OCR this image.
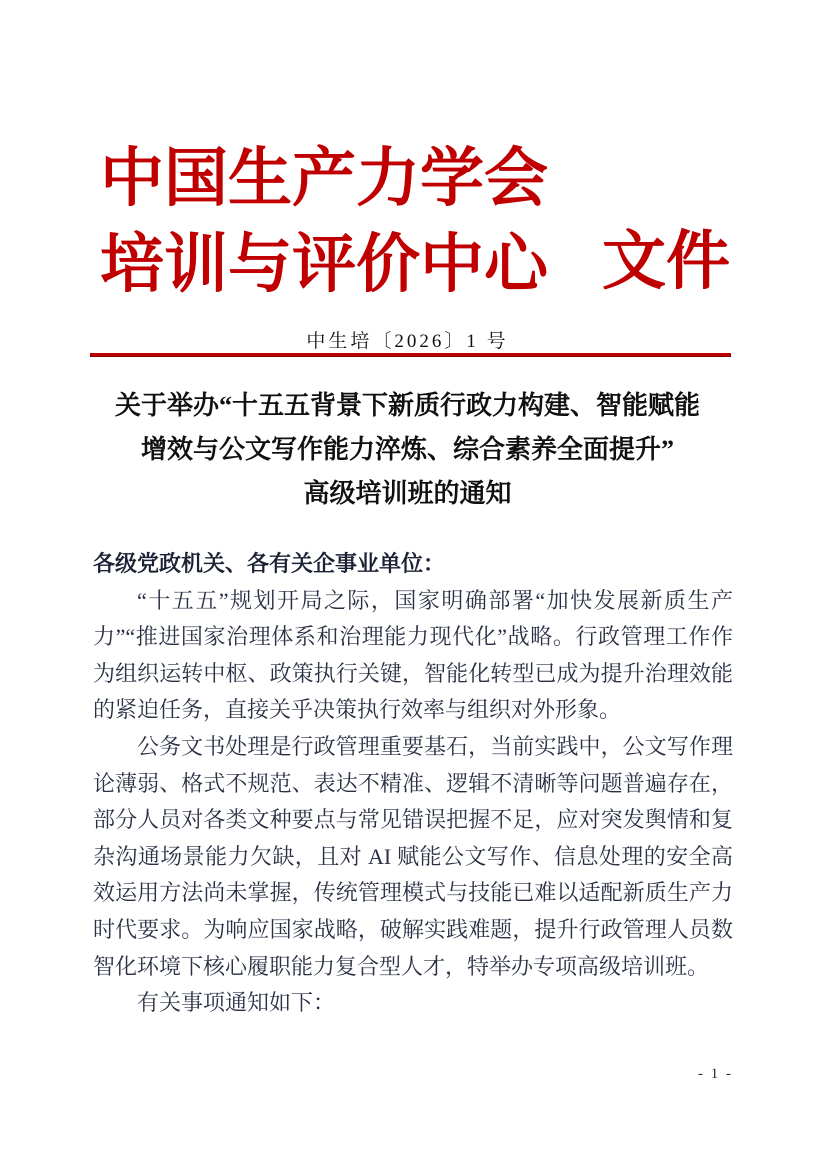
中国生产力学会
培训与评价中心 文件
中生培〔2026〕1 号
关于举办“十五五背景下新质行政力构建、智能赋能
增效与公文写作能力淬炼、综合素养全面提升”
高级培训班的通知

各级党政机关、各有关企事业单位：

“十五五”规划开局之际，国家明确部署“加快发展新质生产力”“推进国家治理体系和治理能力现代化”战略。行政管理工作作为组织运转中枢、政策执行关键，智能化转型已成为提升治理效能的紧迫任务，直接关乎决策执行效率与组织对外形象。

公务文书处理是行政管理重要基石，当前实践中，公文写作理论薄弱、格式不规范、表达不精准、逻辑不清晰等问题普遍存在，部分人员对各类文种要点与常见错误把握不足，应对突发舆情和复杂沟通场景能力欠缺，且对 AI 赋能公文写作、信息处理的安全高效运用方法尚未掌握，传统管理模式与技能已难以适配新质生产力时代要求。为响应国家战略，破解实践难题，提升行政管理人员数智化环境下核心履职能力复合型人才，特举办专项高级培训班。

有关事项通知如下：

- 1 -
